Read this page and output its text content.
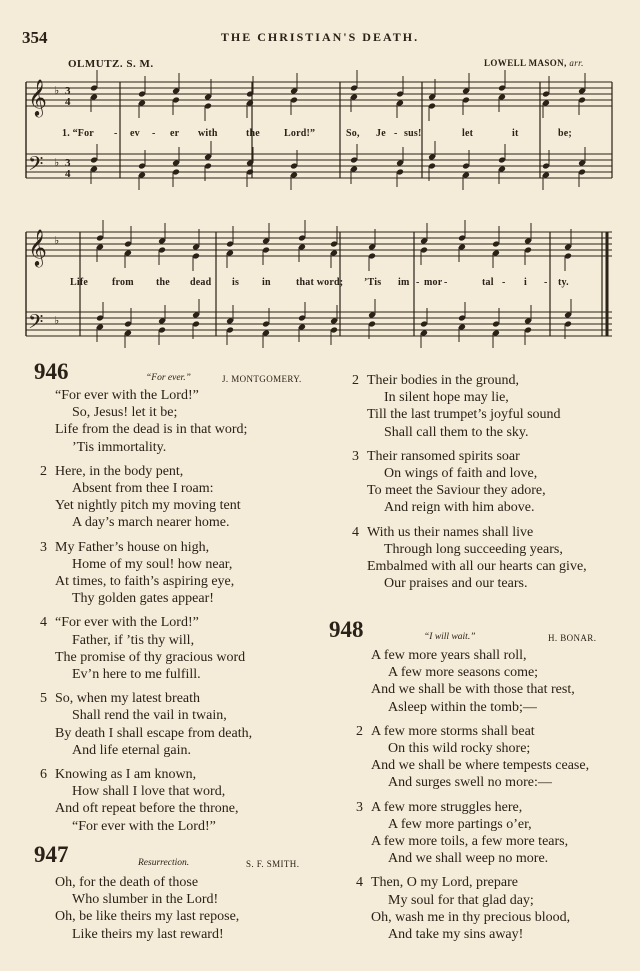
354	THE CHRISTIAN'S DEATH.
OLMUTZ. S. M.	LOWELL MASON, arr.
𝄞
𝄢
♭
♭
3
4
3
4
1. “For - ev - er with	the Lord!”	So, Je - sus!	let	it	be;
𝄞
𝄢
♭
♭
Life from the dead is in	that word; ’Tis im - mor -	tal - i - ty.
946	“For ever.”	J. MONTGOMERY.
“For ever with the Lord!”
So, Jesus! let it be;
Life from the dead is in that word;
’Tis immortality.
2 Here, in the body pent,
Absent from thee I roam:
Yet nightly pitch my moving tent
A day’s march nearer home.
3 My Father’s house on high,
Home of my soul! how near,
At times, to faith’s aspiring eye,
Thy golden gates appear!
4 “For ever with the Lord!”
Father, if ’tis thy will,
The promise of thy gracious word
Ev’n here to me fulfill.
5 So, when my latest breath
Shall rend the vail in twain,
By death I shall escape from death,
And life eternal gain.
6 Knowing as I am known,
How shall I love that word,
And oft repeat before the throne,
“For ever with the Lord!”
947	Resurrection.	S. F. SMITH.
Oh, for the death of those
Who slumber in the Lord!
Oh, be like theirs my last repose,
Like theirs my last reward!
2 Their bodies in the ground,
In silent hope may lie,
Till the last trumpet’s joyful sound
Shall call them to the sky.
3 Their ransomed spirits soar
On wings of faith and love,
To meet the Saviour they adore,
And reign with him above.
4 With us their names shall live
Through long succeeding years,
Embalmed with all our hearts can give,
Our praises and our tears.
948	“I will wait.”	H. BONAR.
A few more years shall roll,
A few more seasons come;
And we shall be with those that rest,
Asleep within the tomb;—
2 A few more storms shall beat
On this wild rocky shore;
And we shall be where tempests cease,
And surges swell no more:—
3 A few more struggles here,
A few more partings o’er,
A few more toils, a few more tears,
And we shall weep no more.
4 Then, O my Lord, prepare
My soul for that glad day;
Oh, wash me in thy precious blood,
And take my sins away!
